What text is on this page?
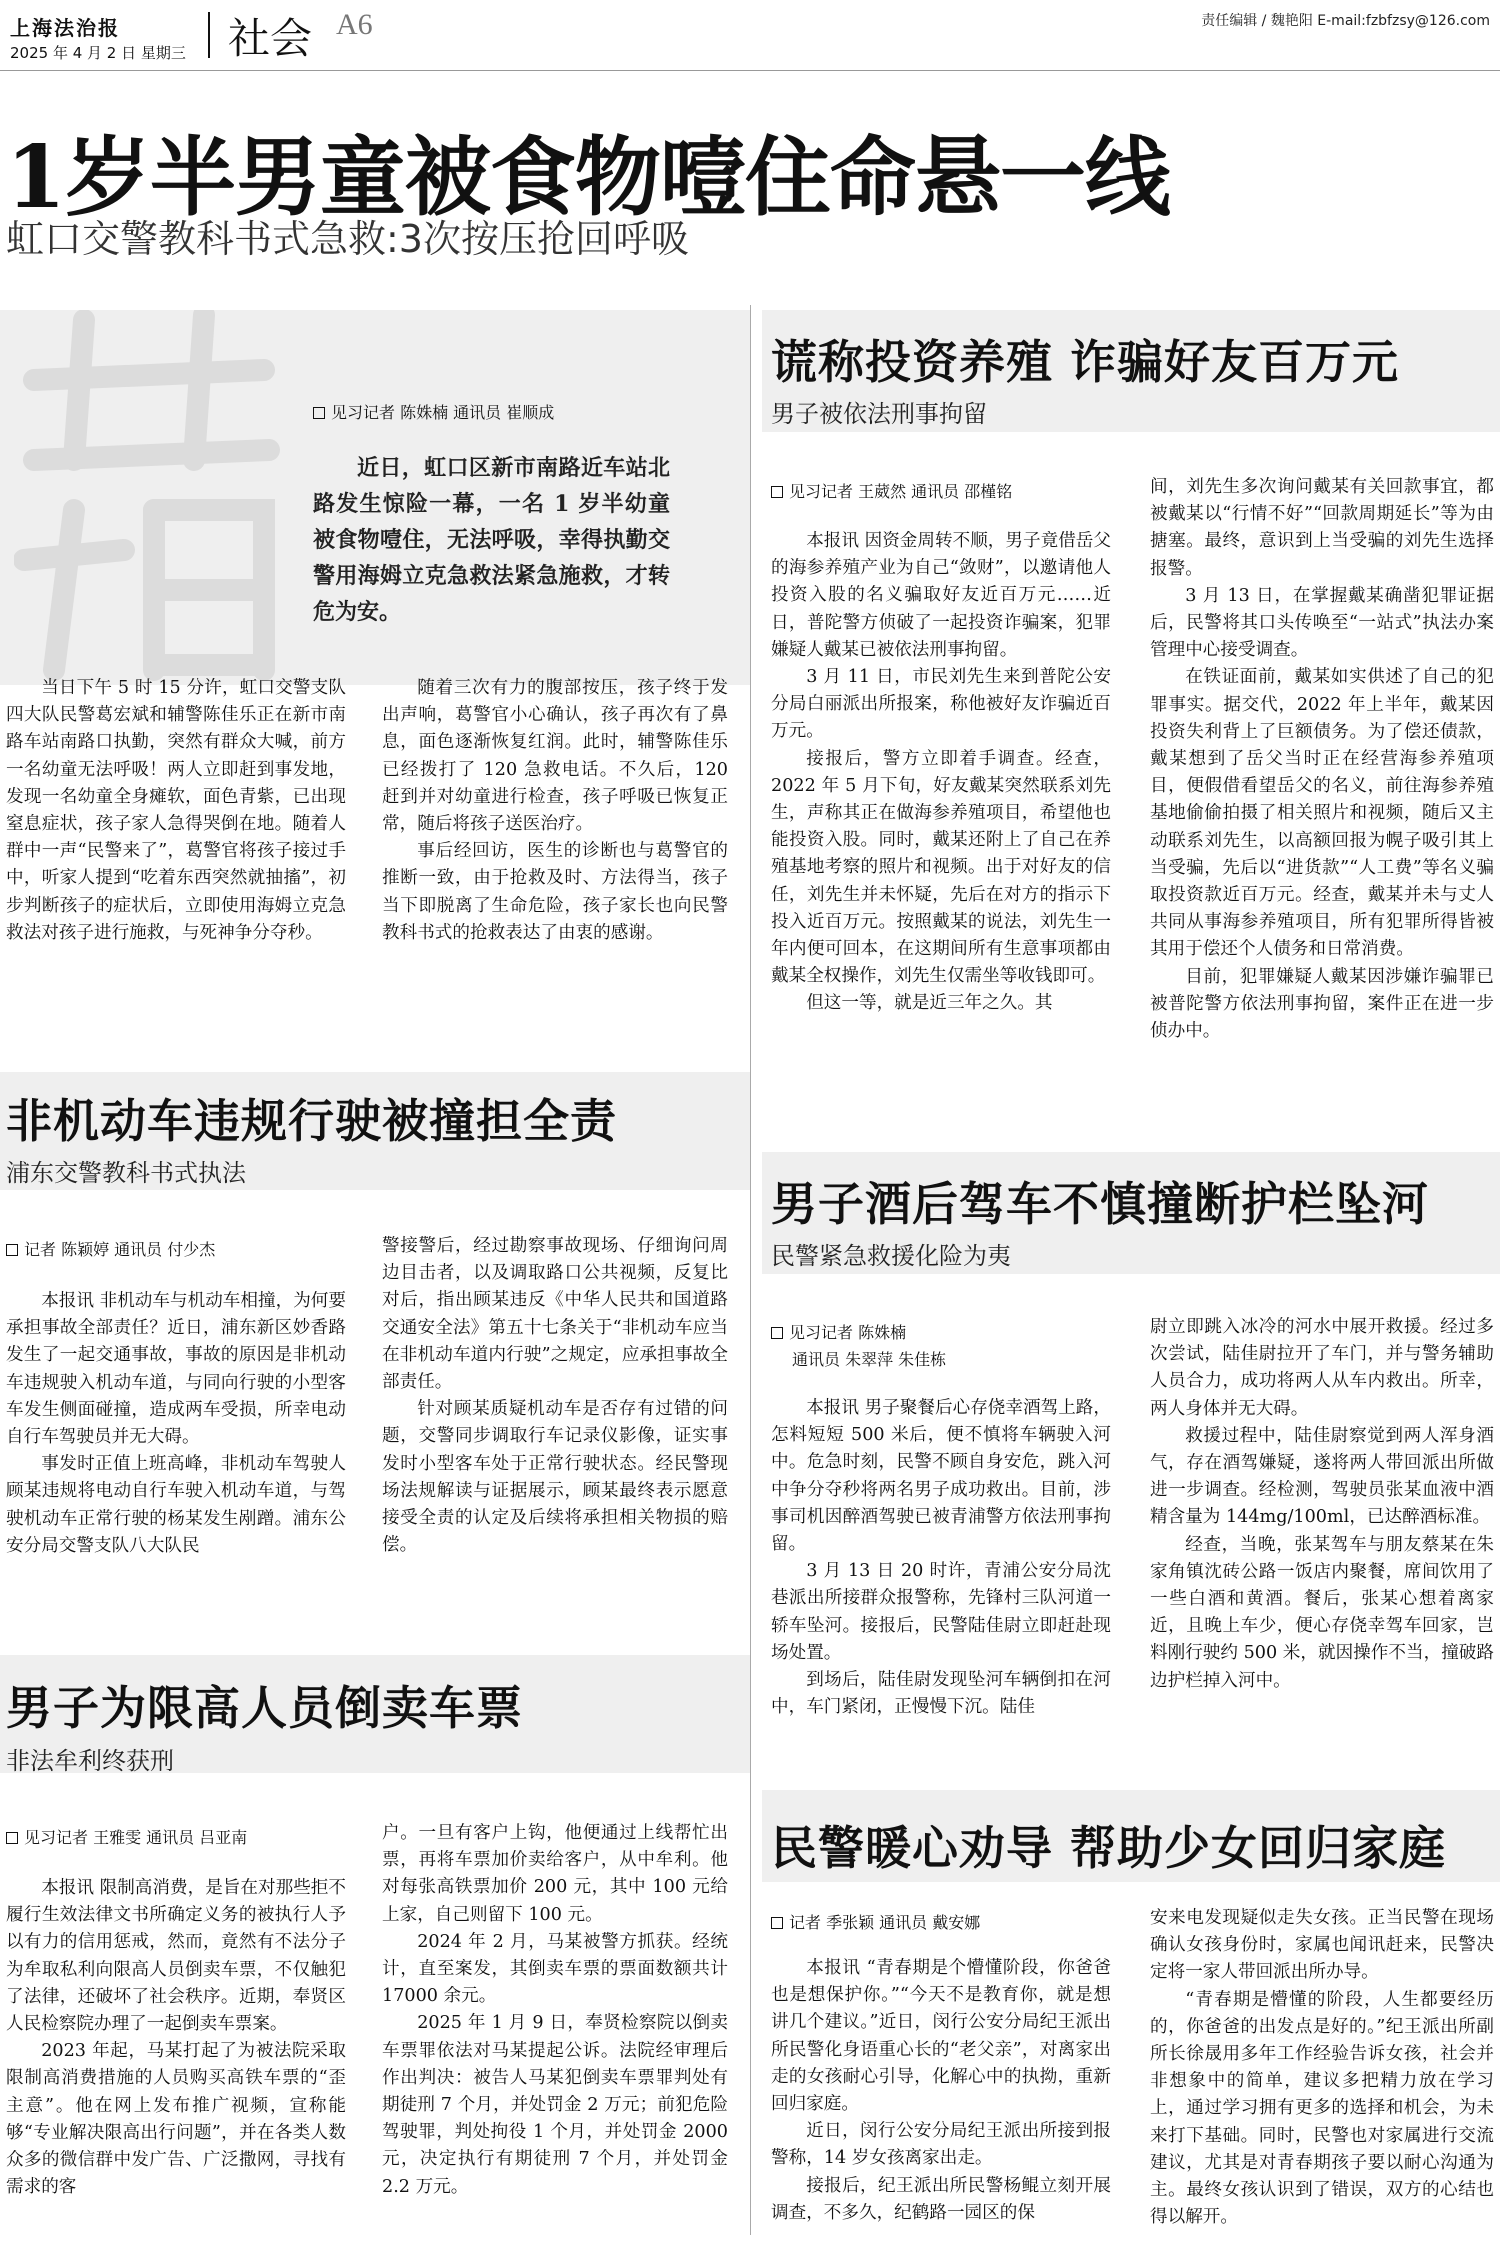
上海法治报
2025 年 4 月 2 日 星期三 社会 A6	责任编辑 / 魏艳阳 E-mail:fzbfzsy@126.com
1岁半男童被食物噎住命悬一线
虹口交警教科书式急救:3次按压抢回呼吸
见习记者 陈姝楠 通讯员 崔顺成
近日，虹口区新市南路近车站北路发生惊险一幕，一名 1 岁半幼童被食物噎住，无法呼吸，幸得执勤交警用海姆立克急救法紧急施救，才转危为安。

当日下午 5 时 15 分许，虹口交警支队四大队民警葛宏斌和辅警陈佳乐正在新市南路车站南路口执勤，突然有群众大喊，前方一名幼童无法呼吸！两人立即赶到事发地，发现一名幼童全身瘫软，面色青紫，已出现窒息症状，孩子家人急得哭倒在地。随着人群中一声“民警来了”，葛警官将孩子接过手中，听家人提到“吃着东西突然就抽搐”，初步判断孩子的症状后，立即使用海姆立克急救法对孩子进行施救，与死神争分夺秒。

随着三次有力的腹部按压，孩子终于发出声响，葛警官小心确认，孩子再次有了鼻息，面色逐渐恢复红润。此时，辅警陈佳乐已经拨打了 120 急救电话。不久后，120 赶到并对幼童进行检查，孩子呼吸已恢复正常，随后将孩子送医治疗。

事后经回访，医生的诊断也与葛警官的推断一致，由于抢救及时、方法得当，孩子当下即脱离了生命危险，孩子家长也向民警教科书式的抢救表达了由衷的感谢。

非机动车违规行驶被撞担全责
浦东交警教科书式执法
记者 陈颖婷 通讯员 付少杰

本报讯 非机动车与机动车相撞，为何要承担事故全部责任？近日，浦东新区妙香路发生了一起交通事故，事故的原因是非机动车违规驶入机动车道，与同向行驶的小型客车发生侧面碰撞，造成两车受损，所幸电动自行车驾驶员并无大碍。

事发时正值上班高峰，非机动车驾驶人顾某违规将电动自行车驶入机动车道，与驾驶机动车正常行驶的杨某发生剐蹭。浦东公安分局交警支队八大队民

警接警后，经过勘察事故现场、仔细询问周边目击者，以及调取路口公共视频，反复比对后，指出顾某违反《中华人民共和国道路交通安全法》第五十七条关于“非机动车应当在非机动车道内行驶”之规定，应承担事故全部责任。

针对顾某质疑机动车是否存有过错的问题，交警同步调取行车记录仪影像，证实事发时小型客车处于正常行驶状态。经民警现场法规解读与证据展示，顾某最终表示愿意接受全责的认定及后续将承担相关物损的赔偿。

男子为限高人员倒卖车票
非法牟利终获刑
见习记者 王雅雯 通讯员 吕亚南

本报讯 限制高消费，是旨在对那些拒不履行生效法律文书所确定义务的被执行人予以有力的信用惩戒，然而，竟然有不法分子为牟取私利向限高人员倒卖车票，不仅触犯了法律，还破坏了社会秩序。近期，奉贤区人民检察院办理了一起倒卖车票案。

2023 年起，马某打起了为被法院采取限制高消费措施的人员购买高铁车票的“歪主意”。他在网上发布推广视频，宣称能够“专业解决限高出行问题”，并在各类人数众多的微信群中发广告、广泛撒网，寻找有需求的客

户。一旦有客户上钩，他便通过上线帮忙出票，再将车票加价卖给客户，从中牟利。他对每张高铁票加价 200 元，其中 100 元给上家，自己则留下 100 元。

2024 年 2 月，马某被警方抓获。经统计，直至案发，其倒卖车票的票面数额共计 17000 余元。

2025 年 1 月 9 日，奉贤检察院以倒卖车票罪依法对马某提起公诉。法院经审理后作出判决：被告人马某犯倒卖车票罪判处有期徒刑 7 个月，并处罚金 2 万元；前犯危险驾驶罪，判处拘役 1 个月，并处罚金 2000 元，决定执行有期徒刑 7 个月，并处罚金 2.2 万元。

谎称投资养殖 诈骗好友百万元
男子被依法刑事拘留
见习记者 王葳然 通讯员 邵槿铭

本报讯 因资金周转不顺，男子竟借岳父的海参养殖产业为自己“敛财”，以邀请他人投资入股的名义骗取好友近百万元……近日，普陀警方侦破了一起投资诈骗案，犯罪嫌疑人戴某已被依法刑事拘留。

3 月 11 日，市民刘先生来到普陀公安分局白丽派出所报案，称他被好友诈骗近百万元。

接报后，警方立即着手调查。经查，2022 年 5 月下旬，好友戴某突然联系刘先生，声称其正在做海参养殖项目，希望他也能投资入股。同时，戴某还附上了自己在养殖基地考察的照片和视频。出于对好友的信任，刘先生并未怀疑，先后在对方的指示下投入近百万元。按照戴某的说法，刘先生一年内便可回本，在这期间所有生意事项都由戴某全权操作，刘先生仅需坐等收钱即可。

但这一等，就是近三年之久。其

间，刘先生多次询问戴某有关回款事宜，都被戴某以“行情不好”“回款周期延长”等为由搪塞。最终，意识到上当受骗的刘先生选择报警。

3 月 13 日，在掌握戴某确凿犯罪证据后，民警将其口头传唤至“一站式”执法办案管理中心接受调查。

在铁证面前，戴某如实供述了自己的犯罪事实。据交代，2022 年上半年，戴某因投资失利背上了巨额债务。为了偿还债款，戴某想到了岳父当时正在经营海参养殖项目，便假借看望岳父的名义，前往海参养殖基地偷偷拍摄了相关照片和视频，随后又主动联系刘先生，以高额回报为幌子吸引其上当受骗，先后以“进货款”“人工费”等名义骗取投资款近百万元。经查，戴某并未与丈人共同从事海参养殖项目，所有犯罪所得皆被其用于偿还个人债务和日常消费。

目前，犯罪嫌疑人戴某因涉嫌诈骗罪已被普陀警方依法刑事拘留，案件正在进一步侦办中。

男子酒后驾车不慎撞断护栏坠河
民警紧急救援化险为夷
见习记者 陈姝楠
通讯员 朱翠萍 朱佳栋

本报讯 男子聚餐后心存侥幸酒驾上路，怎料短短 500 米后，便不慎将车辆驶入河中。危急时刻，民警不顾自身安危，跳入河中争分夺秒将两名男子成功救出。目前，涉事司机因醉酒驾驶已被青浦警方依法刑事拘留。

3 月 13 日 20 时许，青浦公安分局沈巷派出所接群众报警称，先锋村三队河道一轿车坠河。接报后，民警陆佳尉立即赶赴现场处置。

到场后，陆佳尉发现坠河车辆倒扣在河中，车门紧闭，正慢慢下沉。陆佳

尉立即跳入冰冷的河水中展开救援。经过多次尝试，陆佳尉拉开了车门，并与警务辅助人员合力，成功将两人从车内救出。所幸，两人身体并无大碍。

救援过程中，陆佳尉察觉到两人浑身酒气，存在酒驾嫌疑，遂将两人带回派出所做进一步调查。经检测，驾驶员张某血液中酒精含量为 144mg/100ml，已达醉酒标准。

经查，当晚，张某驾车与朋友蔡某在朱家角镇沈砖公路一饭店内聚餐，席间饮用了一些白酒和黄酒。餐后，张某心想着离家近，且晚上车少，便心存侥幸驾车回家，岂料刚行驶约 500 米，就因操作不当，撞破路边护栏掉入河中。

民警暖心劝导 帮助少女回归家庭
记者 季张颖 通讯员 戴安娜

本报讯 “青春期是个懵懂阶段，你爸爸也是想保护你。”“今天不是教育你，就是想讲几个建议。”近日，闵行公安分局纪王派出所民警化身语重心长的“老父亲”，对离家出走的女孩耐心引导，化解心中的执拗，重新回归家庭。

近日，闵行公安分局纪王派出所接到报警称，14 岁女孩离家出走。

接报后，纪王派出所民警杨鲲立刻开展调查，不多久，纪鹤路一园区的保

安来电发现疑似走失女孩。正当民警在现场确认女孩身份时，家属也闻讯赶来，民警决定将一家人带回派出所办导。

“青春期是懵懂的阶段，人生都要经历的，你爸爸的出发点是好的。”纪王派出所副所长徐晟用多年工作经验告诉女孩，社会并非想象中的简单，建议多把精力放在学习上，通过学习拥有更多的选择和机会，为未来打下基础。同时，民警也对家属进行交流建议，尤其是对青春期孩子要以耐心沟通为主。最终女孩认识到了错误，双方的心结也得以解开。
